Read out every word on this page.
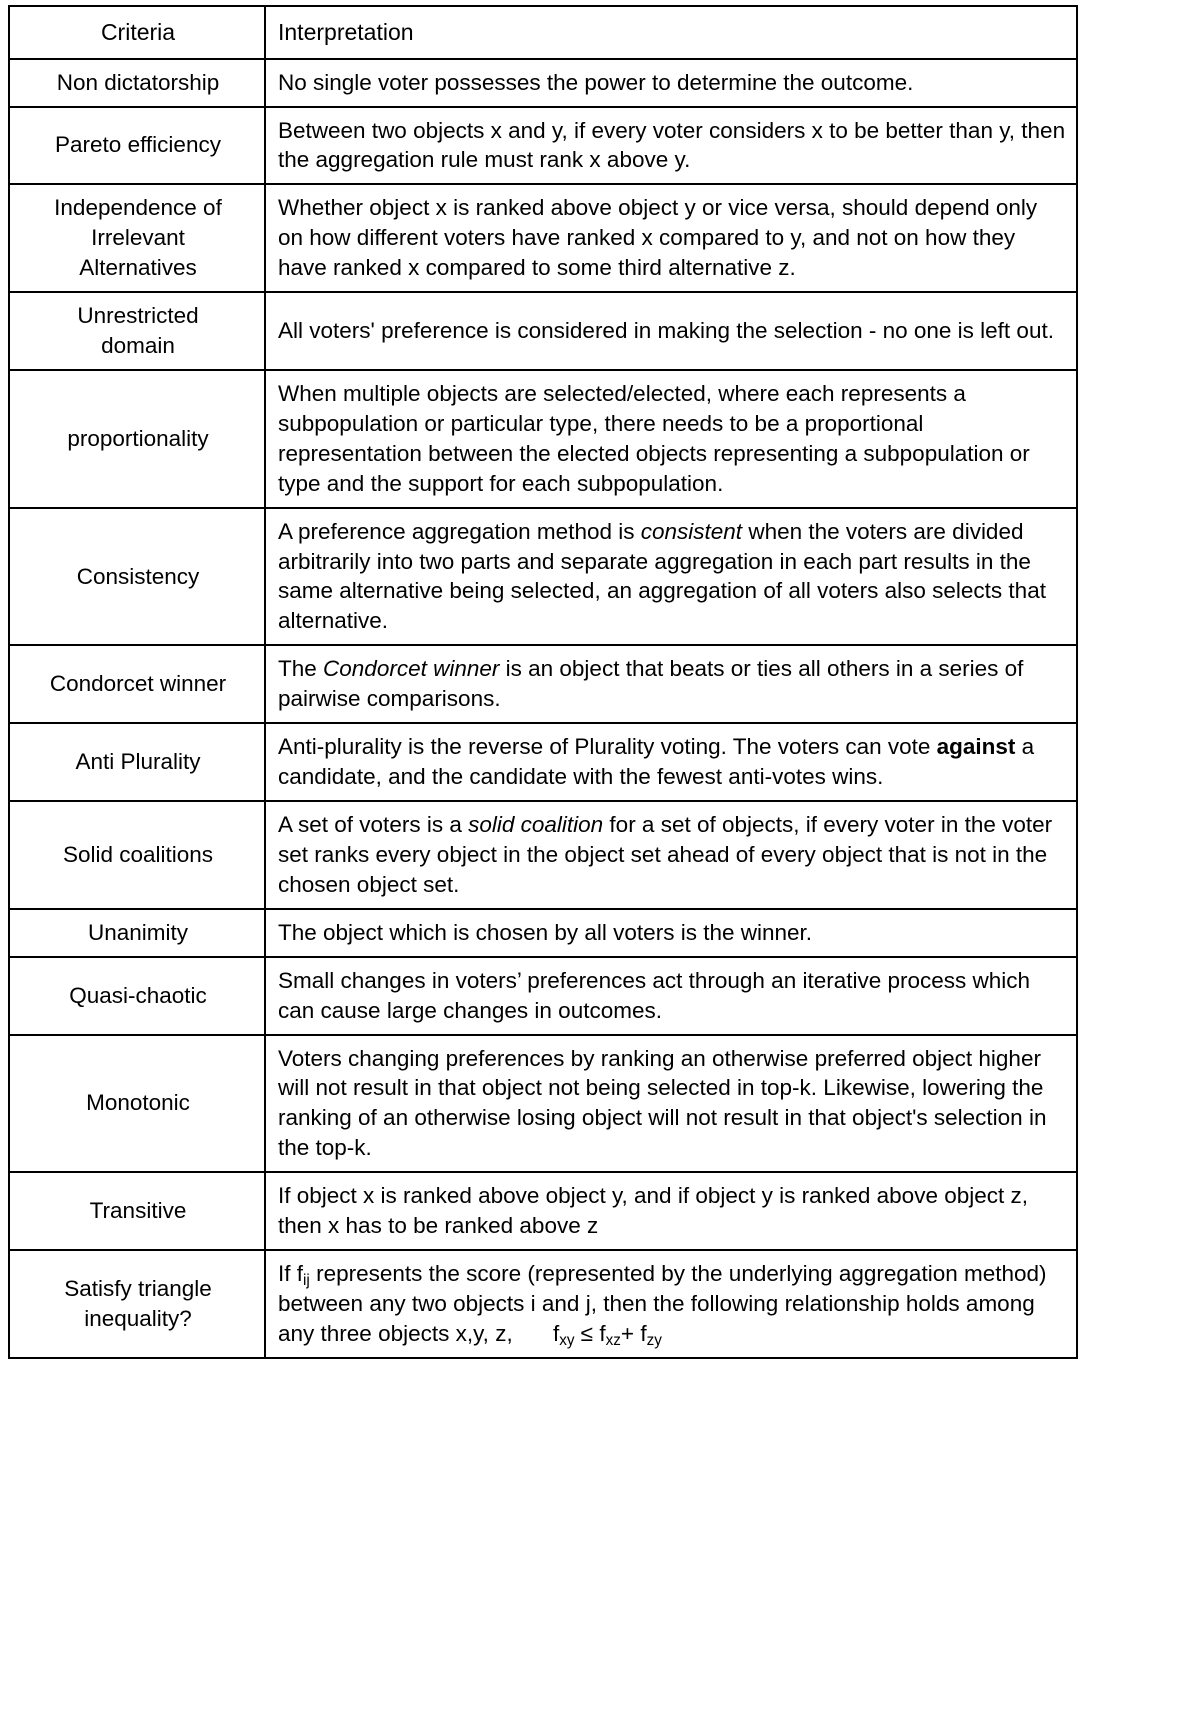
Criteria	Interpretation
Non dictatorship	No single voter possesses the power to determine the outcome.
Pareto efficiency	Between two objects x and y, if every voter considers x to be better than y, then the aggregation rule must rank x above y.

Independence of
Irrelevant
Alternatives	Whether object x is ranked above object y or vice versa, should depend only on how different voters have ranked x compared to y, and not on how they have ranked x compared to some third alternative z.

Unrestricted
domain	All voters' preference is considered in making the selection - no one is left out.
proportionality	When multiple objects are selected/elected, where each represents a subpopulation or particular type, there needs to be a proportional representation between the elected objects representing a subpopulation or type and the support for each subpopulation.
Consistency	A preference aggregation method is consistent when the voters are divided arbitrarily into two parts and separate aggregation in each part results in the same alternative being selected, an aggregation of all voters also selects that alternative.
Condorcet winner	The Condorcet winner is an object that beats or ties all others in a series of pairwise comparisons.
Anti Plurality	Anti-plurality is the reverse of Plurality voting. The voters can vote against a candidate, and the candidate with the fewest anti-votes wins.
Solid coalitions	A set of voters is a solid coalition for a set of objects, if every voter in the voter set ranks every object in the object set ahead of every object that is not in the chosen object set.
Unanimity	The object which is chosen by all voters is the winner.
Quasi-chaotic	Small changes in voters’ preferences act through an iterative process which can cause large changes in outcomes.
Monotonic	Voters changing preferences by ranking an otherwise preferred object higher will not result in that object not being selected in top-k. Likewise, lowering the ranking of an otherwise losing object will not result in that object's selection in the top-k.
Transitive	If object x is ranked above object y, and if object y is ranked above object z, then x has to be ranked above z

Satisfy triangle
inequality?	If $f_{ij}$ represents the score (represented by the underlying aggregation method) between any two objects i and j, then the following relationship holds among any three objects x,y, z, $f_{xy} \le f_{xz}+ f_{zy}$
